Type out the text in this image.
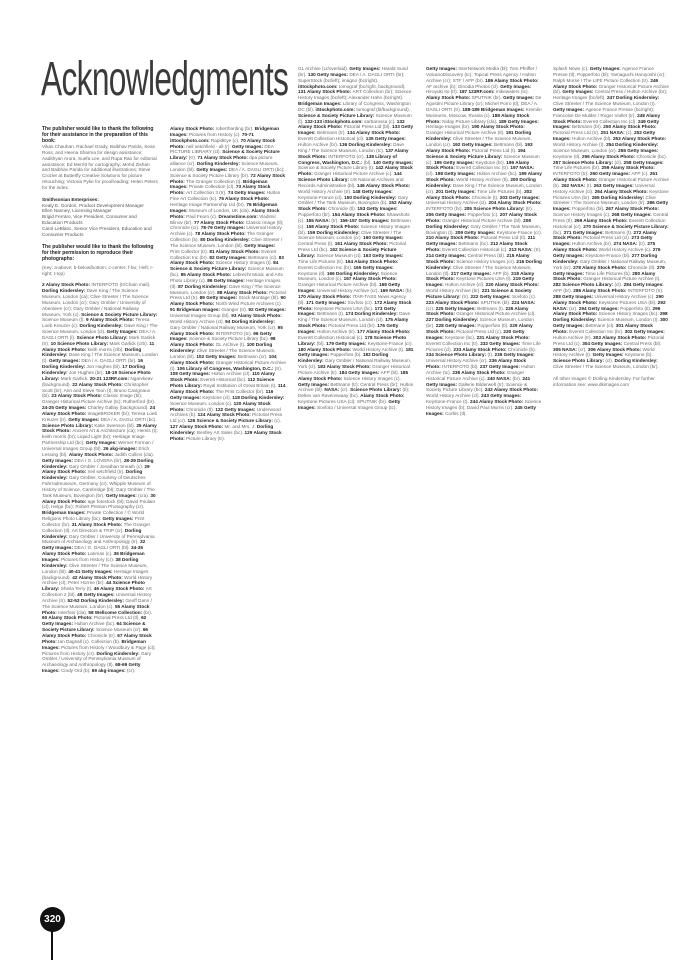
Acknowledgments
The publisher would like to thank the following for their assistance in the preparation of this book:
Vikas Chauhan, Rachael Grady, Baibhav Parida, Sean Ross, and Heena Sharma for design assistance; Aadithyan Arora, Suefa Lee, and Rupa Rao for editorial assistance; Ed Merritt for cartography; Mohd Zishan and Baibhav Parida for additional illustrations; Steve Crozier at Butterfly Creative Solutions for picture retouching; Victoria Pyke for proofreading; Helen Peters for the index.
Smithsonian Enterprises:
Kealy E. Gordon, Product Development Manager
Ellen Nanney, Licensing Manager
Brigid Ferraro, Vice President, Consumer and Education Products
Carol LeBlanc, Senior Vice President, Education and Consumer Products
The publisher would like to thank the following for their permission to reproduce their photographs:
(Key: a-above; b-below/bottom; c-center; f-far; l-left; r-right; t-top)
2 Alamy Stock Photo: INTERFOTO (tr/Chain mail). Dorling Kindersley: Dave King / The Science Museum, London (ca); Clive Streeter / The Science Museum, London (cr); Gary Ombler / University of Aberdeen (cr); Gary Ombler / National Railway Museum, York (c). Science & Society Picture Library: Science Museum (l). 9 Alamy Stock Photo: Teresa Loeb Kreuzer (c). Dorling Kindersley: Dave King / The Science Museum, London (cl). Getty Images: DEA / A. DAGLI ORTI (l). Science Photo Library: Mark Garlick (tr). 10 Science Photo Library: Mark Garlick (crb). 11 Alamy Stock Photo: keith morris (clb). Dorling Kindersley: Dave King / The Science Museum, London (t). Getty Images: DEA / A. DAGLI ORTI (br). 16 Dorling Kindersley: Jon Hughes (bl). 17 Dorling Kindersley: Jon Hughes (br). 18-19 Science Photo Library: Mark Garlick. 20-21 123RF.com: Ngarvkeav (background). 22 Alamy Stock Photo: Christopher Scott (br); Ann and Steve Toon (t); Bruno Cavignaux (bl). 23 Alamy Stock Photo: Classic Image (bl); Granger Historical Picture Archive (tc); Rutherford (br). 24-25 Getty Images: Charley Gallay (background). 24 Alamy Stock Photo: imageBROKER (br); Teresa Loeb Kreuzer (tr). Getty Images: DEA / A. DAGLI ORTI (bc). Science Photo Library: Katie Swenson (bl). 25 Alamy Stock Photo: Ancient Art & Architecture (ca); Hemis (t); keith morris (br); Liquid Light (br); Heritage Image Partnership Ltd (bc). Getty Images: Werner Forman / Universal Images Group (bl). 26 akg-images: Erich Lessing (bl). Alamy Stock Photo: Judith Collins (cla). Getty Images: DEA / G. LOVERA (br). 28-29 Dorling Kindersley: Gary Ombler / Jonathan Sneath (c). 29 Alamy Stock Photo: neil setchfield (tr). Dorling Kindersley: Gary Ombler, Courtesy of Deutsches Fahrradmuseum, Germany (cr); Whipple Museum of History of Science, Cambridge (bl); Gary Ombler / The Tank Museum, Bovington (br). Getty Images: (cra). 30 Alamy Stock Photo: age fotostock (bl); David Poulain (cl); Helga (bc); Robert Preston Photography (cr). Bridgeman Images: Private Collection / © World Religions Photo Library (bc). Getty Images: Print Collector (br). 31 Alamy Stock Photo: The Granger Collection (tl); Art Directors & TRIP (cr). Dorling Kindersley: Gary Ombler / University of Pennsylvania Museum of Archaeology and Anthropology (tr). 32 Getty Images: DEA / G. DAGLI ORTI (bl). 34-35 Alamy Stock Photo: Lanmas (c). 36 Bridgeman Images: Pictures from History (cr). 38 Dorling Kindersley: Clive Streeter / The Science Museum, London (bl). 40-41 Getty Images: Heritage Images (background). 42 Alamy Stock Photo: World History Archive (cl); Peter Horree (br). 44 Science Photo Library: Sheila Terry (t). 46 Alamy Stock Photo: Art Collection 2 (bl). 48 Getty Images: Universal History Archive (tr). 52-53 Dorling Kindersley: Geoff Dann / The Science Museum, London (c). 55 Alamy Stock Photo: Interfoto (cla). 58 Wellcome Collection: (br). 60 Alamy Stock Photo: Pictorial Press Ltd (tl). 62 Getty Images: Hulton Archive (bc). 64 Science & Society Picture Library: Science Museum (cr). 66 Alamy Stock Photo: Chronicle (tr). 67 Alamy Stock Photo: Ian Dagnall (c). Collection (b). Bridgeman Images: Pictures from History / Woodbury & Page (cl); Pictures from History (cr). Dorling Kindersley: Gary Ombler / University of Pennsylvania Museum of Archaeology and Anthropology (tl). 68-69 Getty Images: Cindy Ord (b). 69 akg-images: (cr).
Alamy Stock Photo: robertharding (br). Bridgeman Images: Pictures from History (c). 70-71 iStockphoto.com: RapidEye (c). 70 Alamy Stock Photo: neil setchfield - all (r). Getty Images: DEA PICTURE LIBRARY (cl). Science & Society Picture Library: (tr). 71 Alamy Stock Photo: dpa picture alliance (cr). Dorling Kindersley: Science Museum, London (bl). Getty Images: DEA / A. DAGLI ORTI (bc); Science & Society Picture Library (br). 72 Alamy Stock Photo: The Granger Collection (t). Bridgeman Images: Private Collection (cl). 73 Alamy Stock Photo: Art Collection 3 (tr). 74 Getty Images: Hulton Fine Art Collection (tc). 75 Alamy Stock Photo: Heritage Image Partnership Ltd (br). 76 Bridgeman Images: Museum of London, UK (cla). Alamy Stock Photo: Paul Fearn (c). Dreamstime.com: Vladimir Blinov (br). 77 Alamy Stock Photo: Classic Image (tl); Chronicle (cr). 78-79 Getty Images: Universal History Archive (c). 78 Alamy Stock Photo: The Granger Collection (b). 80 Dorling Kindersley: Clive Streeter / The Science Museum, London (bl). Getty Images: Print Collector (tr). 81 Alamy Stock Photo: Everett Collection Inc (br). 82 Getty Images: Bettmann (cl). 83 Alamy Stock Photo: Science History Images (t). 84 Science & Society Picture Library: Science Museum (bc). 85 Alamy Stock Photo: Lebrecht Music and Arts Photo Library (c). 86 Getty Images: Heritage Images (tl). 87 Dorling Kindersley: Dave King / The Science Museum, London (cr). 88 Alamy Stock Photo: Pictorial Press Ltd (tr). 89 Getty Images: Stock Montage (bl). 90 Alamy Stock Photo: North Wind Picture Archives (c). 91 Bridgeman Images: Granger (tr). 92 Getty Images: Universal Images Group (bl). 93 Alamy Stock Photo: World History Archive (cl). 94 Dorling Kindersley: Gary Ombler / National Railway Museum, York (cr). 95 Alamy Stock Photo: INTERFOTO (tc). 96 Getty Images: Science & Society Picture Library (bc). 98 Alamy Stock Photo: GL Archive (t). 100 Dorling Kindersley: Clive Streeter / The Science Museum, London (bl). 102 Getty Images: Bettmann (cr). 104 Alamy Stock Photo: Granger Historical Picture Archive (t). 106 Library of Congress, Washington, D.C.: (tr). 108 Getty Images: Hulton Archive (cl). 110 Alamy Stock Photo: Everett Historical (bc). 112 Science Photo Library: Royal Institution of Great Britain (t). 114 Alamy Stock Photo: The Print Collector (br). 116 Getty Images: Keystone (cl). 118 Dorling Kindersley: Science Museum, London (c). 120 Alamy Stock Photo: Chronicle (tl). 122 Getty Images: Underwood Archives (b). 124 Alamy Stock Photo: Pictorial Press Ltd (cr). 126 Science & Society Picture Library: (c). 127 Alamy Stock Photo: Mr. and Mrs. J. Dorling Kindersley: Bentley Art Sales (bc). 129 Alamy Stock Photo: Picture Library (tr).
GL Archive (cr/overlaid). Getty Images: Harald Sund (br). 130 Getty Images: DEA / A. DAGLI ORTI (br); SuperStock (bc/left); imagno (bc/right). iStockphoto.com: tomograf (bc/right, background). 131 Alamy Stock Photo: ART Collection (br); Science History Images (bc/left); Alexander Hahn (bc/right). Bridgeman Images: Library of Congress, Washington DC (bl). iStockphoto.com: tomograf (bl/background). Science & Society Picture Library: Science Museum (l). 132-133 iStockphoto.com: sarbarossa (c). 132 Alamy Stock Photo: Pictorial Press Ltd (bl). 133 Getty Images: Bettmann (tr). 134 Alamy Stock Photo: Everett Collection Historical (cl). 135 Getty Images: Hulton Archive (br). 136 Dorling Kindersley: Dave King / The Science Museum, London (tc). 137 Alamy Stock Photo: INTERFOTO (cr). 138 Library of Congress, Washington, D.C.: (bl). 140 Getty Images: Science & Society Picture Library (t). 142 Alamy Stock Photo: Granger Historical Picture Archive (c). 144 Science Photo Library: US National Archives and Records Administration (bl). 146 Alamy Stock Photo: World History Archive (tr). 148 Getty Images: Keystone-France (cl). 150 Dorling Kindersley: Gary Ombler / The Tank Museum, Bovington (b). 152 Alamy Stock Photo: Chronicle (tl). 153 Getty Images: Popperfoto (br). 154 Alamy Stock Photo: Shawshots (c). 155 NASA: (tr). 156-157 Getty Images: Bettmann (c). 158 Alamy Stock Photo: Science History Images (bl). 159 Dorling Kindersley: Clive Streeter / The Science Museum, London (cr). 160 Getty Images: Central Press (t). 161 Alamy Stock Photo: Pictorial Press Ltd (bc). 162 Science & Society Picture Library: Science Museum (cl). 163 Getty Images: Time Life Pictures (tr). 164 Alamy Stock Photo: Everett Collection Inc (br). 165 Getty Images: Keystone (tl). 166 Dorling Kindersley: Science Museum, London (c). 167 Alamy Stock Photo: Granger Historical Picture Archive (bl). 168 Getty Images: Universal History Archive (cr). 169 NASA: (b). 170 Alamy Stock Photo: ITAR-TASS News Agency (tl). 171 Getty Images: Sovfoto (cr). 172 Alamy Stock Photo: Keystone Pictures USA (bc). 173 Getty Images: Bettmann (t). 174 Dorling Kindersley: Dave King / The Science Museum, London (cl). 175 Alamy Stock Photo: Pictorial Press Ltd (br). 176 Getty Images: Hulton Archive (tr). 177 Alamy Stock Photo: Everett Collection Historical (c). 178 Science Photo Library: (bl). 179 Getty Images: Keystone-France (cr). 180 Alamy Stock Photo: World History Archive (t). 181 Getty Images: Popperfoto (b). 182 Dorling Kindersley: Gary Ombler / National Railway Museum, York (cl). 183 Alamy Stock Photo: Granger Historical Picture Archive (tr). 184 Getty Images: AFP (bl). 185 Alamy Stock Photo: Science History Images (c). Getty Images: Bettmann (tr); Central Press (br); Hulton Archive (bl). NASA: (cr). Science Photo Library: (tl); Detlev van Ravenswaay (bc). Alamy Stock Photo: Keystone Pictures USA (cl); SPUTNIK (br). Getty Images: Sovfoto / Universal Images Group (tc).
Getty Images: InterNetwork Media (bl); Tom Pfeiffer / VolcanoDiscovery (tc); Topical Press Agency / Hulton Archive (cr); STF / AFP (br). 186 Alamy Stock Photo: AF archive (b); Dinodia Photos (cl). Getty Images: Hiroyuki Ito (tr). 187 123RF.com: mikewaters (tc). Alamy Stock Photo: SPUTNIK (br). Getty Images: De Agostini Picture Library (cr); Michel Porro (tl); DEA / A. DAGLI ORTI (tr). 188-189 Bridgeman Images: Kremlin Museums, Moscow, Russia (c). 188 Alamy Stock Photo: Niday Picture Library (cla). 189 Getty Images: Heritage Images (br). 190 Alamy Stock Photo: Granger Historical Picture Archive (tl). 191 Dorling Kindersley: Clive Streeter / The Science Museum, London (cr). 192 Getty Images: Bettmann (bl). 193 Alamy Stock Photo: Pictorial Press Ltd (t). 194 Science & Society Picture Library: Science Museum (c). 195 Getty Images: Keystone (br). 196 Alamy Stock Photo: Everett Collection Inc (tr). 197 NASA: (cl). 198 Getty Images: Hulton Archive (bc). 199 Alamy Stock Photo: World History Archive (tl). 200 Dorling Kindersley: Dave King / The Science Museum, London (cr). 201 Getty Images: Time Life Pictures (b). 202 Alamy Stock Photo: Chronicle (t). 203 Getty Images: Universal History Archive (cl). 204 Alamy Stock Photo: INTERFOTO (br). 205 Science Photo Library: (tr). 206 Getty Images: Popperfoto (c). 207 Alamy Stock Photo: Granger Historical Picture Archive (bl). 208 Dorling Kindersley: Gary Ombler / The Tank Museum, Bovington (t). 209 Getty Images: Keystone-France (cr). 210 Alamy Stock Photo: Pictorial Press Ltd (tl). 211 Getty Images: Bettmann (bc). 212 Alamy Stock Photo: Everett Collection Historical (c). 213 NASA: (tr). 214 Getty Images: Central Press (bl). 215 Alamy Stock Photo: Science History Images (cr). 216 Dorling Kindersley: Clive Streeter / The Science Museum, London (tl). 217 Getty Images: AFP (b). 218 Alamy Stock Photo: Keystone Pictures USA (t). 219 Getty Images: Hulton Archive (cl). 220 Alamy Stock Photo: World History Archive (br). 221 Science & Society Picture Library: (tr). 222 Getty Images: Sovfoto (c). 223 Alamy Stock Photo: SPUTNIK (bl). 224 NASA: (cr). 225 Getty Images: Bettmann (t). 226 Alamy Stock Photo: Granger Historical Picture Archive (cl). 227 Dorling Kindersley: Science Museum, London (br). 228 Getty Images: Popperfoto (tl). 229 Alamy Stock Photo: Pictorial Press Ltd (c). 230 Getty Images: Keystone (bc). 231 Alamy Stock Photo: Everett Collection Inc (tr). 232 Getty Images: Time Life Pictures (cl). 233 Alamy Stock Photo: Chronicle (b). 234 Science Photo Library: (t). 235 Getty Images: Universal History Archive (cr). 236 Alamy Stock Photo: INTERFOTO (bl). 237 Getty Images: Hulton Archive (tc). 238 Alamy Stock Photo: Granger Historical Picture Archive (c). 240 NASA: (br). 241 Getty Images: Gallerie Bilderwelt (tr); Science & Society Picture Library (bc). 242 Alamy Stock Photo: World History Archive (cl). 243 Getty Images: Keystone-France (t). 244 Alamy Stock Photo: Science History Images (b); David Paul Morris (cr). 245 Getty Images: Corbis (tl).
Splash News (c). Getty Images: Agence France Presse (tl); Popperfoto (bl); Yamaguchi Haruyoshi (cr); Ralph Morse / The LIFE Picture Collection (tr). 246 Alamy Stock Photo: Granger Historical Picture Archive (bl). Getty Images: Central Press / Hulton Archive (br); Heritage Images (bc/left). 247 Dorling Kindersley: Clive Streeter / The Science Museum, London (t). Getty Images: Agence France Presse (bc/right); Francoise De Mulder / Roger Viollet (tr). 248 Alamy Stock Photo: Everett Collection Inc (cl). 249 Getty Images: Bettmann (br). 250 Alamy Stock Photo: Pictorial Press Ltd (tr). 251 NASA: (c). 252 Getty Images: Hulton Archive (bl). 253 Alamy Stock Photo: World History Archive (t). 254 Dorling Kindersley: Science Museum, London (cr). 255 Getty Images: Keystone (tl). 256 Alamy Stock Photo: Chronicle (bc). 257 Science Photo Library: (cl). 258 Getty Images: Time Life Pictures (br). 259 Alamy Stock Photo: INTERFOTO (tr). 260 Getty Images: AFP (c). 261 Alamy Stock Photo: Granger Historical Picture Archive (b). 262 NASA: (t). 263 Getty Images: Universal History Archive (cl). 264 Alamy Stock Photo: Keystone Pictures USA (br). 265 Dorling Kindersley: Clive Streeter / The Science Museum, London (tr). 266 Getty Images: Popperfoto (bl). 267 Alamy Stock Photo: Science History Images (c). 268 Getty Images: Central Press (tl). 269 Alamy Stock Photo: Everett Collection Historical (cr). 270 Science & Society Picture Library: (bc). 271 Getty Images: Bettmann (t). 272 Alamy Stock Photo: Pictorial Press Ltd (cl). 273 Getty Images: Hulton Archive (br). 274 NASA: (tr). 275 Alamy Stock Photo: World History Archive (c). 276 Getty Images: Keystone-France (bl). 277 Dorling Kindersley: Gary Ombler / National Railway Museum, York (cr). 278 Alamy Stock Photo: Chronicle (tl). 279 Getty Images: Time Life Pictures (b). 280 Alamy Stock Photo: Granger Historical Picture Archive (t). 282 Science Photo Library: (cl). 284 Getty Images: AFP (br). 286 Alamy Stock Photo: INTERFOTO (tr). 288 Getty Images: Universal History Archive (c). 290 Alamy Stock Photo: Keystone Pictures USA (bl). 292 NASA: (cr). 294 Getty Images: Popperfoto (tl). 296 Alamy Stock Photo: Science History Images (bc). 298 Dorling Kindersley: Science Museum, London (t). 300 Getty Images: Bettmann (cl). 301 Alamy Stock Photo: Everett Collection Inc (br). 302 Getty Images: Hulton Archive (tr). 303 Alamy Stock Photo: Pictorial Press Ltd (c). 304 Getty Images: Central Press (bl). 305 NASA: (cr). 306 Alamy Stock Photo: World History Archive (t). Getty Images: Keystone (b). Science Photo Library: (cl). Dorling Kindersley: Clive Streeter / The Science Museum, London (br).
All other images © Dorling Kindersley. For further information see: www.dkimages.com
320
